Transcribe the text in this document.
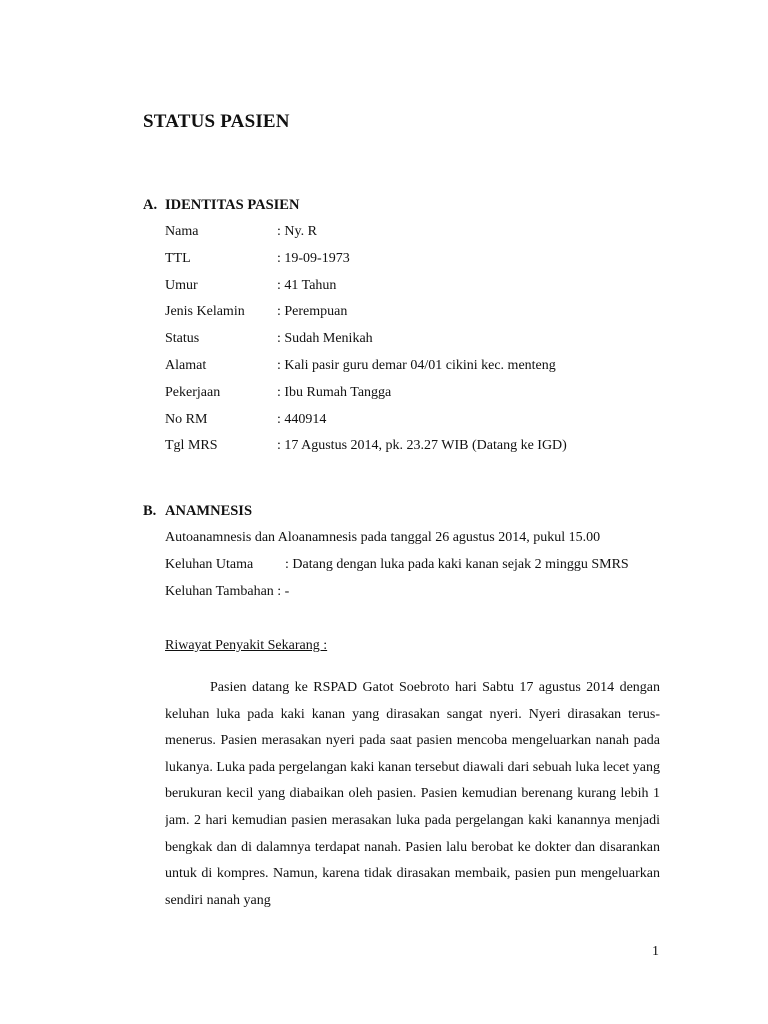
STATUS PASIEN
A. IDENTITAS PASIEN
Nama	: Ny. R
TTL	: 19-09-1973
Umur	: 41 Tahun
Jenis Kelamin	: Perempuan
Status	: Sudah Menikah
Alamat	: Kali pasir guru demar 04/01 cikini kec. menteng
Pekerjaan	: Ibu Rumah Tangga
No RM	: 440914
Tgl MRS	: 17 Agustus 2014, pk. 23.27 WIB (Datang ke IGD)
B. ANAMNESIS
Autoanamnesis dan Aloanamnesis pada tanggal 26 agustus 2014, pukul 15.00
Keluhan Utama : Datang dengan luka pada kaki kanan sejak 2 minggu SMRS
Keluhan Tambahan : -
Riwayat Penyakit Sekarang :
Pasien datang ke RSPAD Gatot Soebroto hari Sabtu 17 agustus 2014 dengan keluhan luka pada kaki kanan yang dirasakan sangat nyeri. Nyeri dirasakan terus-menerus. Pasien merasakan nyeri pada saat pasien mencoba mengeluarkan nanah pada lukanya. Luka pada pergelangan kaki kanan tersebut diawali dari sebuah luka lecet yang berukuran kecil yang diabaikan oleh pasien. Pasien kemudian berenang kurang lebih 1 jam. 2 hari kemudian pasien merasakan luka pada pergelangan kaki kanannya menjadi bengkak dan di dalamnya terdapat nanah. Pasien lalu berobat ke dokter dan disarankan untuk di kompres. Namun, karena tidak dirasakan membaik, pasien pun mengeluarkan sendiri nanah yang
1
